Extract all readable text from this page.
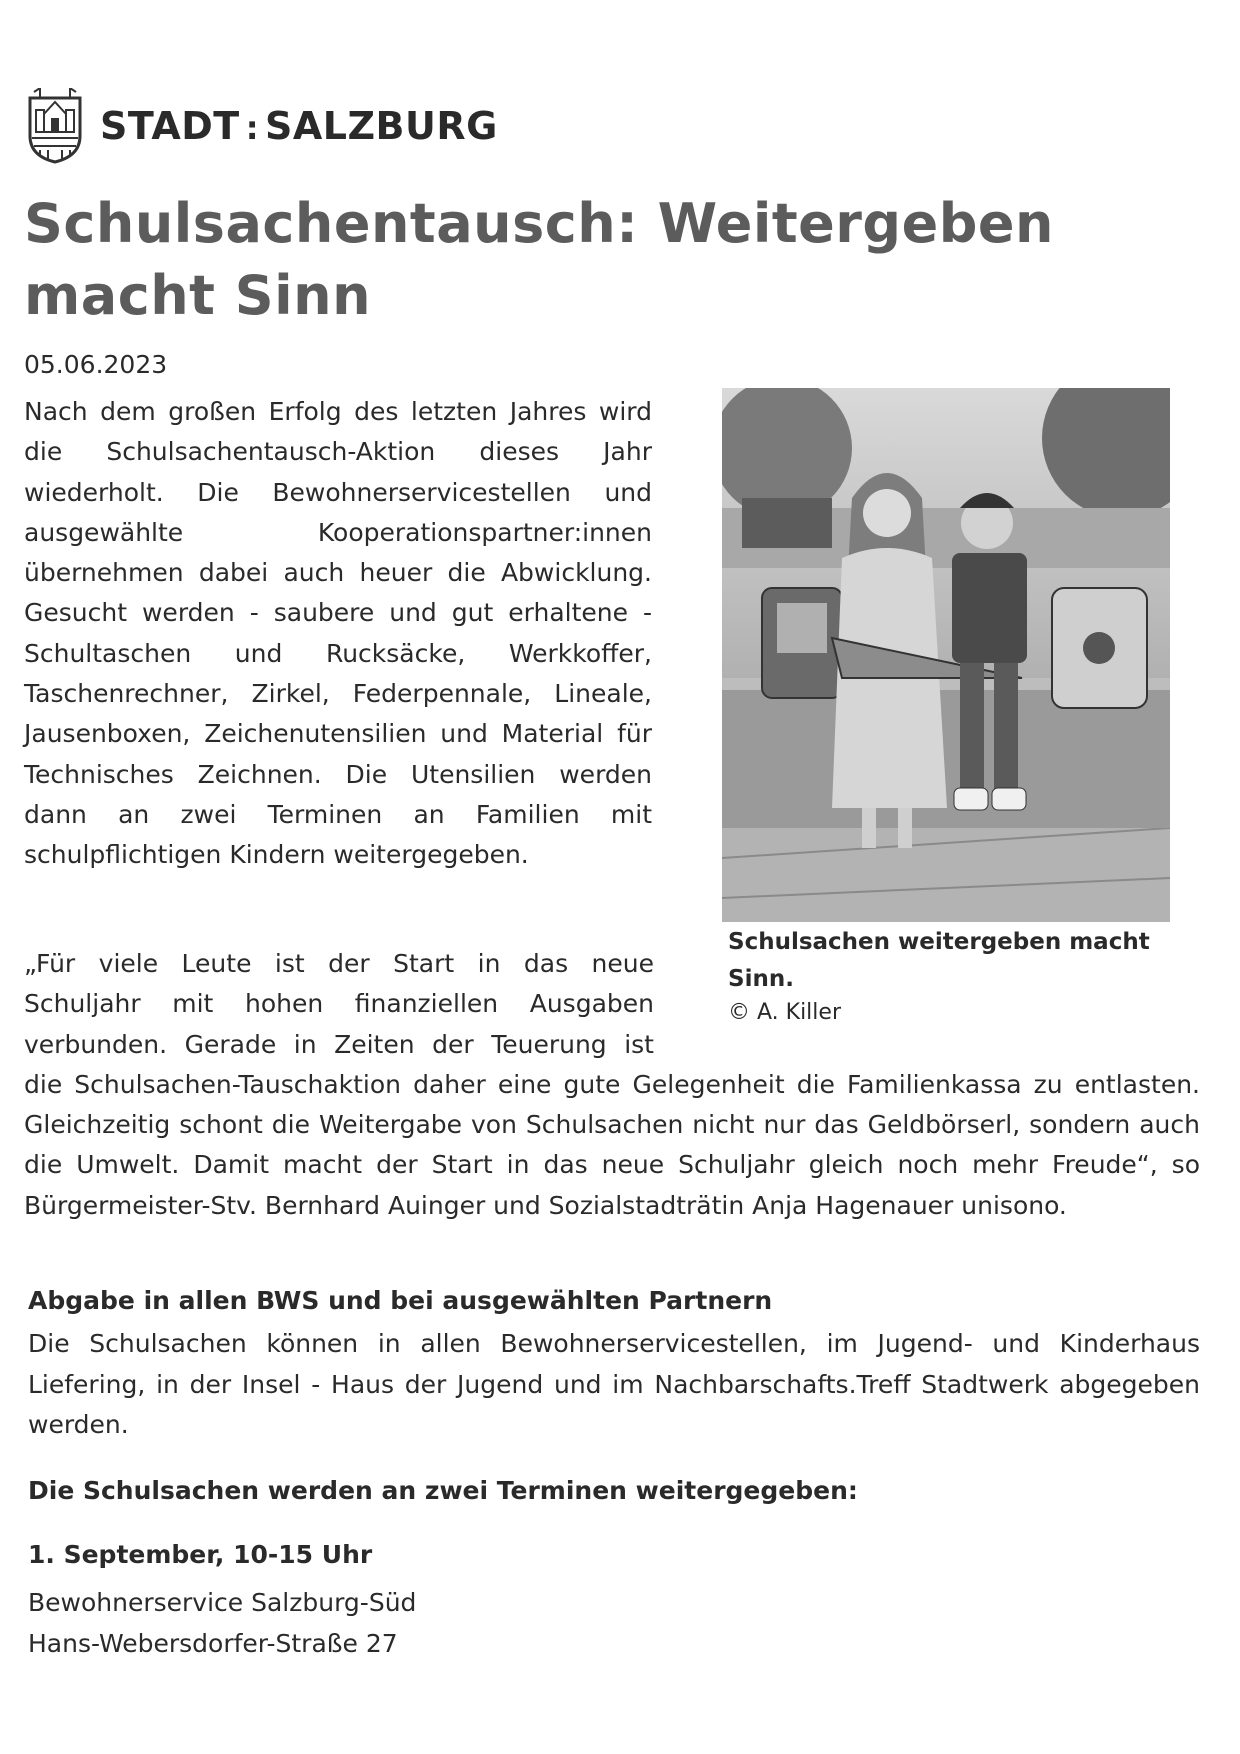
STADT : SALZBURG
Schulsachentausch: Weitergeben macht Sinn
05.06.2023

Nach dem großen Erfolg des letzten Jahres wird die Schulsachentausch-Aktion dieses Jahr wiederholt. Die Bewohnerservicestellen und ausgewählte Kooperationspartner:innen übernehmen dabei auch heuer die Abwicklung. Gesucht werden - saubere und gut erhaltene - Schultaschen und Rucksäcke, Werkkoffer, Taschenrechner, Zirkel, Federpennale, Lineale, Jausenboxen, Zeichenutensilien und Material für Technisches Zeichnen. Die Utensilien werden dann an zwei Terminen an Familien mit schulpflichtigen Kindern weitergegeben.

Schulsachen weitergeben macht Sinn.
© A. Killer
„Für viele Leute ist der Start in das neue Schuljahr mit hohen finanziellen Ausgaben verbunden. Gerade in Zeiten der Teuerung ist
die Schulsachen-Tauschaktion daher eine gute Gelegenheit die Familienkassa zu entlasten. Gleichzeitig schont die Weitergabe von Schulsachen nicht nur das Geldbörserl, sondern auch die Umwelt. Damit macht der Start in das neue Schuljahr gleich noch mehr Freude“, so Bürgermeister-Stv. Bernhard Auinger und Sozialstadträtin Anja Hagenauer unisono.
Abgabe in allen BWS und bei ausgewählten Partnern

Die Schulsachen können in allen Bewohnerservicestellen, im Jugend- und Kinderhaus Liefering, in der Insel - Haus der Jugend und im Nachbarschafts.Treff Stadtwerk abgegeben werden.

Die Schulsachen werden an zwei Terminen weitergegeben:
1. September, 10-15 Uhr
Bewohnerservice Salzburg-Süd
Hans-Webersdorfer-Straße 27
